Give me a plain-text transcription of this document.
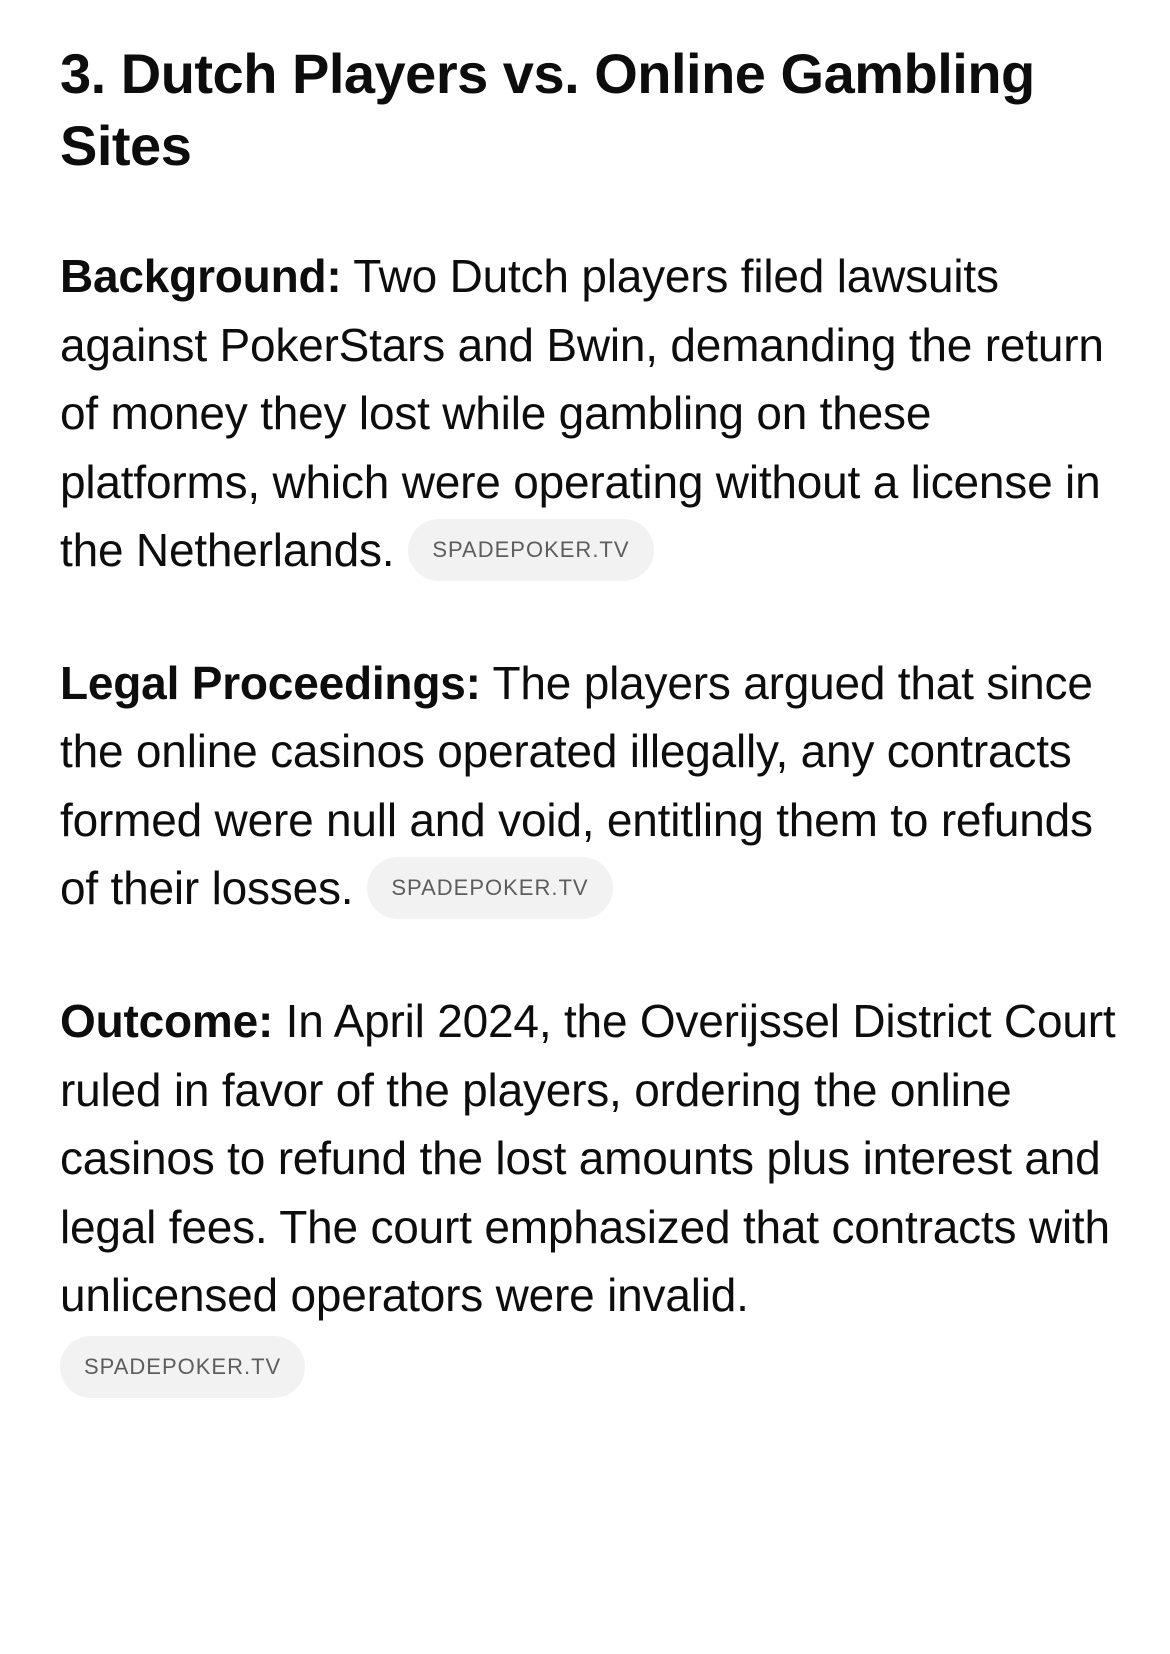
3. Dutch Players vs. Online Gambling Sites

Background: Two Dutch players filed lawsuits against PokerStars and Bwin, demanding the return of money they lost while gambling on these platforms, which were operating without a license in the Netherlands. SPADEPOKER.TV

Legal Proceedings: The players argued that since the online casinos operated illegally, any contracts formed were null and void, entitling them to refunds of their losses. SPADEPOKER.TV

Outcome: In April 2024, the Overijssel District Court ruled in favor of the players, ordering the online casinos to refund the lost amounts plus interest and legal fees. The court emphasized that contracts with unlicensed operators were invalid.

SPADEPOKER.TV
